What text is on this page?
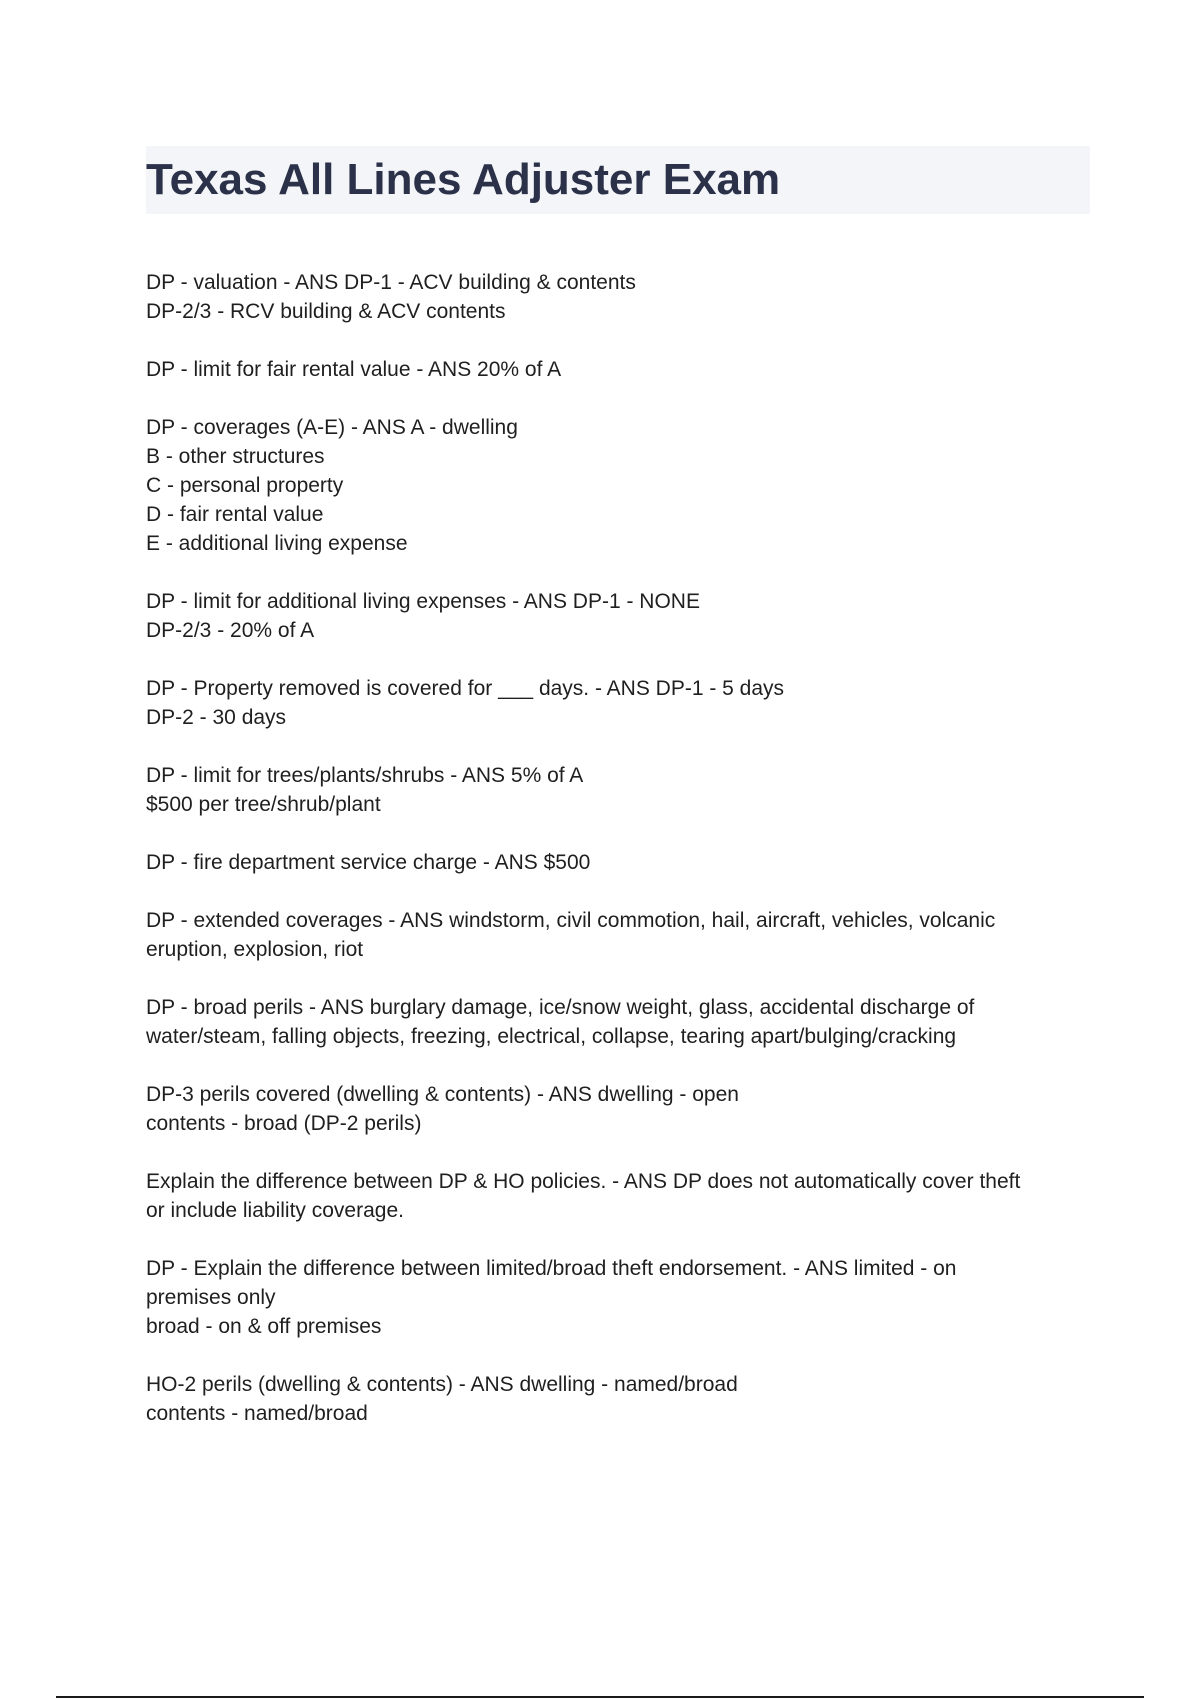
Texas All Lines Adjuster Exam

DP - valuation - ANS DP-1 - ACV building & contents
DP-2/3 - RCV building & ACV contents

DP - limit for fair rental value - ANS 20% of A

DP - coverages (A-E) - ANS A - dwelling
B - other structures
C - personal property
D - fair rental value
E - additional living expense

DP - limit for additional living expenses - ANS DP-1 - NONE
DP-2/3 - 20% of A

DP - Property removed is covered for ___ days. - ANS DP-1 - 5 days
DP-2 - 30 days

DP - limit for trees/plants/shrubs - ANS 5% of A
$500 per tree/shrub/plant

DP - fire department service charge - ANS $500

DP - extended coverages - ANS windstorm, civil commotion, hail, aircraft, vehicles, volcanic
eruption, explosion, riot

DP - broad perils - ANS burglary damage, ice/snow weight, glass, accidental discharge of
water/steam, falling objects, freezing, electrical, collapse, tearing apart/bulging/cracking

DP-3 perils covered (dwelling & contents) - ANS dwelling - open
contents - broad (DP-2 perils)

Explain the difference between DP & HO policies. - ANS DP does not automatically cover theft
or include liability coverage.

DP - Explain the difference between limited/broad theft endorsement. - ANS limited - on
premises only
broad - on & off premises

HO-2 perils (dwelling & contents) - ANS dwelling - named/broad
contents - named/broad
